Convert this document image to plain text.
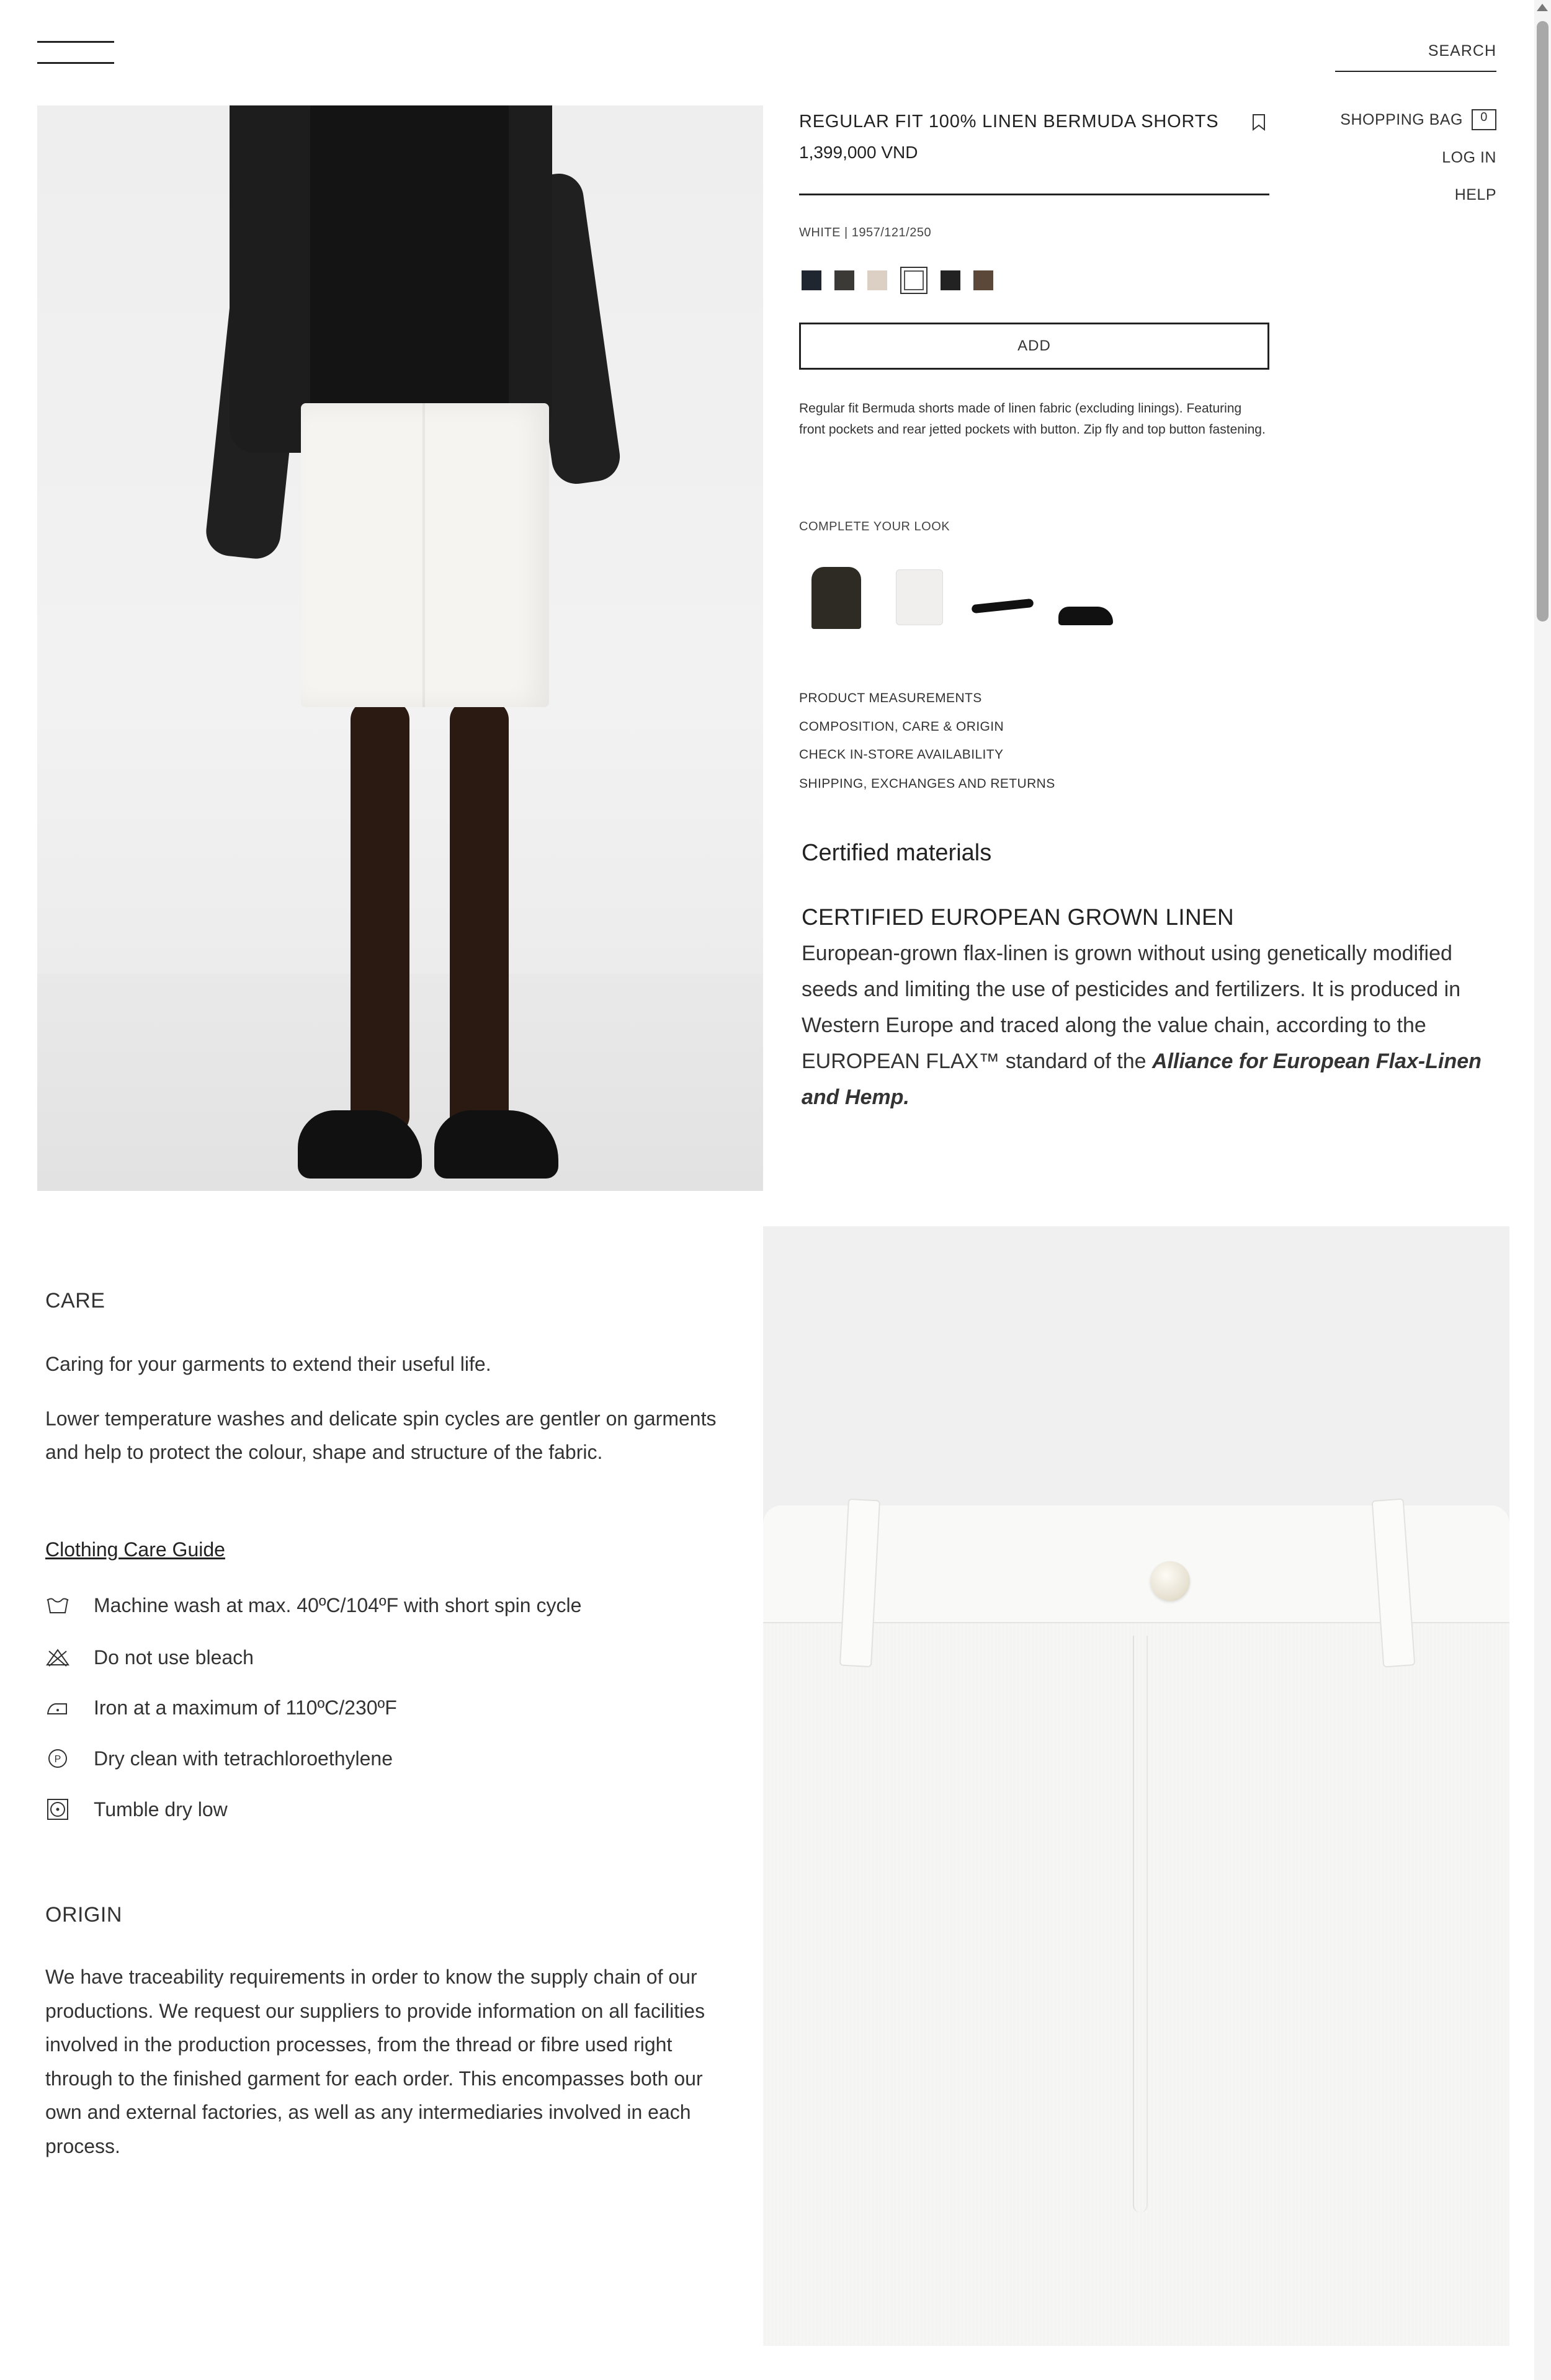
SEARCH
SHOPPING BAG	0
LOG IN
HELP
REGULAR FIT 100% LINEN BERMUDA SHORTS
1,399,000 VND
WHITE | 1957/121/250
ADD
Regular fit Bermuda shorts made of linen fabric (excluding linings). Featuring front pockets and rear jetted pockets with button. Zip fly and top button fastening.
COMPLETE YOUR LOOK
PRODUCT MEASUREMENTS
COMPOSITION, CARE & ORIGIN
CHECK IN-STORE AVAILABILITY
SHIPPING, EXCHANGES AND RETURNS
Certified materials
CERTIFIED EUROPEAN GROWN LINEN
European-grown flax-linen is grown without using genetically modified seeds and limiting the use of pesticides and fertilizers. It is produced in Western Europe and traced along the value chain, according to the EUROPEAN FLAX™ standard of the Alliance for European Flax-Linen and Hemp.
CARE
Caring for your garments to extend their useful life.
Lower temperature washes and delicate spin cycles are gentler on garments and help to protect the colour, shape and structure of the fabric.
Clothing Care Guide
Machine wash at max. 40ºC/104ºF with short spin cycle
Do not use bleach
Iron at a maximum of 110ºC/230ºF
P Dry clean with tetrachloroethylene
Tumble dry low
ORIGIN
We have traceability requirements in order to know the supply chain of our productions. We request our suppliers to provide information on all facilities involved in the production processes, from the thread or fibre used right through to the finished garment for each order. This encompasses both our own and external factories, as well as any intermediaries involved in each process.
